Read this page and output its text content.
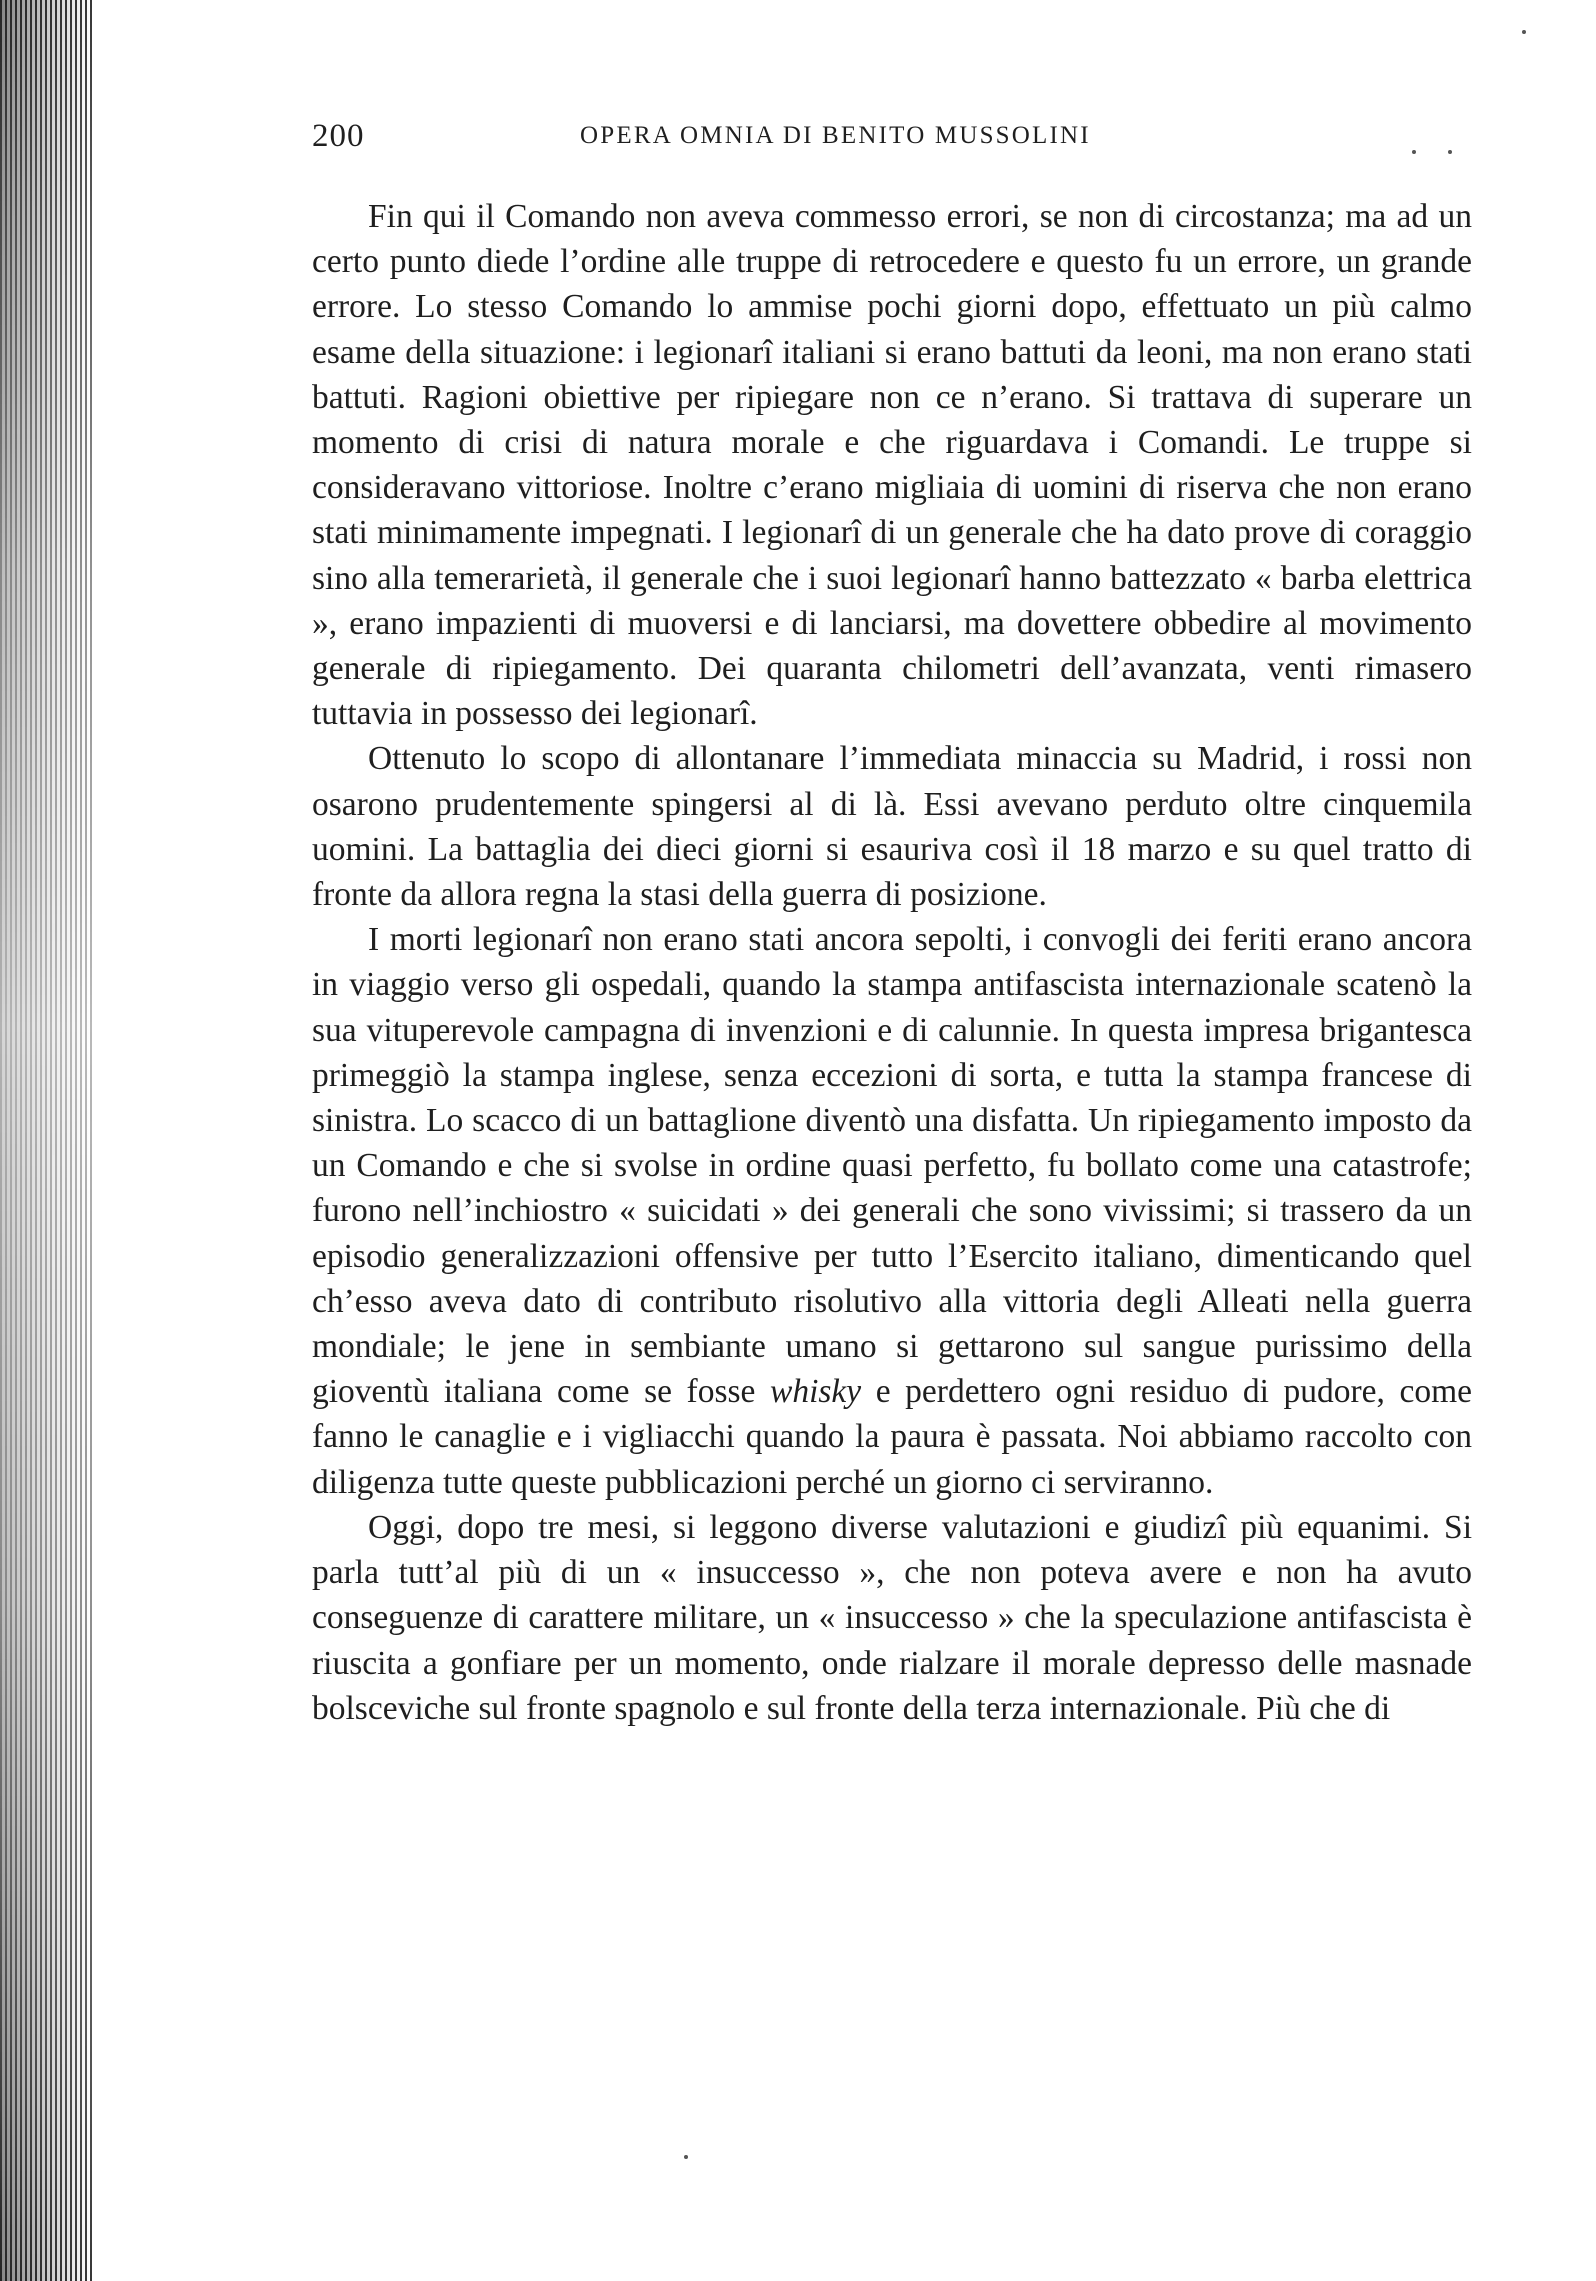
200	OPERA OMNIA DI BENITO MUSSOLINI

Fin qui il Comando non aveva commesso errori, se non di circostanza; ma ad un certo punto diede l’ordine alle truppe di retrocedere e questo fu un errore, un grande errore. Lo stesso Comando lo ammise pochi giorni dopo, effettuato un più calmo esame della situazione: i legionarî italiani si erano battuti da leoni, ma non erano stati battuti. Ragioni obiettive per ripiegare non ce n’erano. Si trattava di superare un momento di crisi di natura morale e che riguardava i Comandi. Le truppe si consideravano vittoriose. Inoltre c’erano migliaia di uomini di riserva che non erano stati minimamente impegnati. I legionarî di un generale che ha dato prove di coraggio sino alla temerarietà, il generale che i suoi legionarî hanno battezzato « barba elettrica », erano impazienti di muoversi e di lanciarsi, ma dovettere obbedire al movimento generale di ripiegamento. Dei quaranta chilometri dell’avanzata, venti rimasero tuttavia in possesso dei legionarî.

Ottenuto lo scopo di allontanare l’immediata minaccia su Madrid, i rossi non osarono prudentemente spingersi al di là. Essi avevano perduto oltre cinquemila uomini. La battaglia dei dieci giorni si esauriva così il 18 marzo e su quel tratto di fronte da allora regna la stasi della guerra di posizione.

I morti legionarî non erano stati ancora sepolti, i convogli dei feriti erano ancora in viaggio verso gli ospedali, quando la stampa antifascista internazionale scatenò la sua vituperevole campagna di invenzioni e di calunnie. In questa impresa brigantesca primeggiò la stampa inglese, senza eccezioni di sorta, e tutta la stampa francese di sinistra. Lo scacco di un battaglione diventò una disfatta. Un ripiegamento imposto da un Comando e che si svolse in ordine quasi perfetto, fu bollato come una catastrofe; furono nell’inchiostro « suicidati » dei generali che sono vivissimi; si trassero da un episodio generalizzazioni offensive per tutto l’Esercito italiano, dimenticando quel ch’esso aveva dato di contributo risolutivo alla vittoria degli Alleati nella guerra mondiale; le jene in sembiante umano si gettarono sul sangue purissimo della gioventù italiana come se fosse whisky e perdettero ogni residuo di pudore, come fanno le canaglie e i vigliacchi quando la paura è passata. Noi abbiamo raccolto con diligenza tutte queste pubblicazioni perché un giorno ci serviranno.

Oggi, dopo tre mesi, si leggono diverse valutazioni e giudizî più equanimi. Si parla tutt’al più di un « insuccesso », che non poteva avere e non ha avuto conseguenze di carattere militare, un « insuccesso » che la speculazione antifascista è riuscita a gonfiare per un momento, onde rialzare il morale depresso delle masnade bolsceviche sul fronte spagnolo e sul fronte della terza internazionale. Più che di
